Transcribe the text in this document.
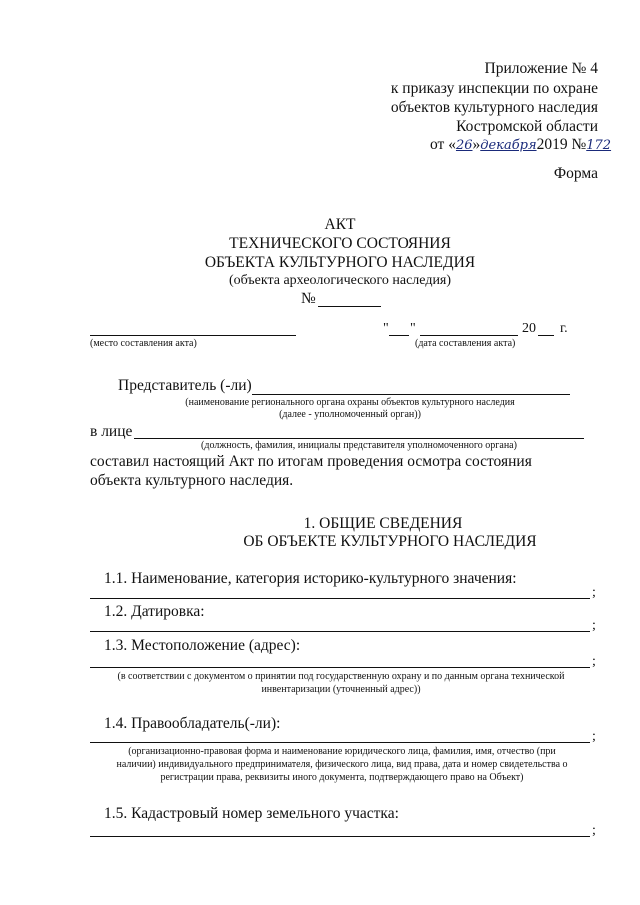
Приложение № 4
к приказу инспекции по охране
объектов культурного наследия
Костромской области
от «26»декабря2019 №172
Форма
АКТ
ТЕХНИЧЕСКОГО СОСТОЯНИЯ
ОБЪЕКТА КУЛЬТУРНОГО НАСЛЕДИЯ
(объекта археологического наследия)
№
" "	20 г.
(место составления акта)	(дата составления акта)
Представитель (-ли)
(наименование регионального органа охраны объектов культурного наследия
(далее - уполномоченный орган))
в лице
(должность, фамилия, инициалы представителя уполномоченного органа)
составил настоящий Акт по итогам проведения осмотра состояния
объекта культурного наследия.
1. ОБЩИЕ СВЕДЕНИЯ
ОБ ОБЪЕКТЕ КУЛЬТУРНОГО НАСЛЕДИЯ
1.1. Наименование, категория историко-культурного значения:
;
1.2. Датировка:
;
1.3. Местоположение (адрес):
;
(в соответствии с документом о принятии под государственную охрану и по данным органа технической
инвентаризации (уточненный адрес))
1.4. Правообладатель(-ли):
;
(организационно-правовая форма и наименование юридического лица, фамилия, имя, отчество (при
наличии) индивидуального предпринимателя, физического лица, вид права, дата и номер свидетельства о
регистрации права, реквизиты иного документа, подтверждающего право на Объект)
1.5. Кадастровый номер земельного участка:
;
